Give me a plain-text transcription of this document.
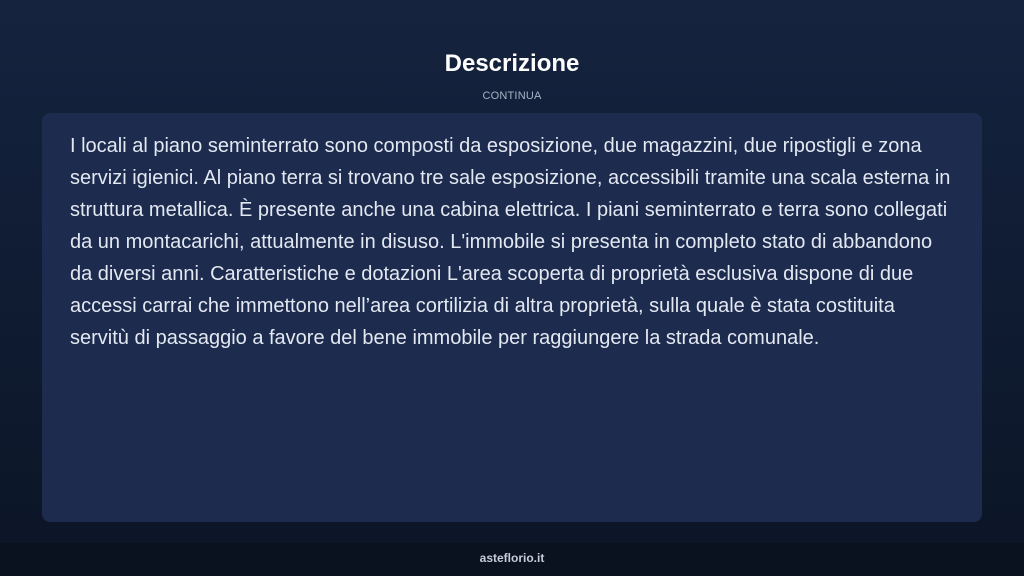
Descrizione
CONTINUA

I locali al piano seminterrato sono composti da esposizione, due magazzini, due ripostigli e zona servizi igienici. Al piano terra si trovano tre sale esposizione, accessibili tramite una scala esterna in struttura metallica. È presente anche una cabina elettrica. I piani seminterrato e terra sono collegati da un montacarichi, attualmente in disuso. L'immobile si presenta in completo stato di abbandono da diversi anni. Caratteristiche e dotazioni L'area scoperta di proprietà esclusiva dispone di due accessi carrai che immettono nell’area cortilizia di altra proprietà, sulla quale è stata costituita servitù di passaggio a favore del bene immobile per raggiungere la strada comunale.

asteflorio.it
